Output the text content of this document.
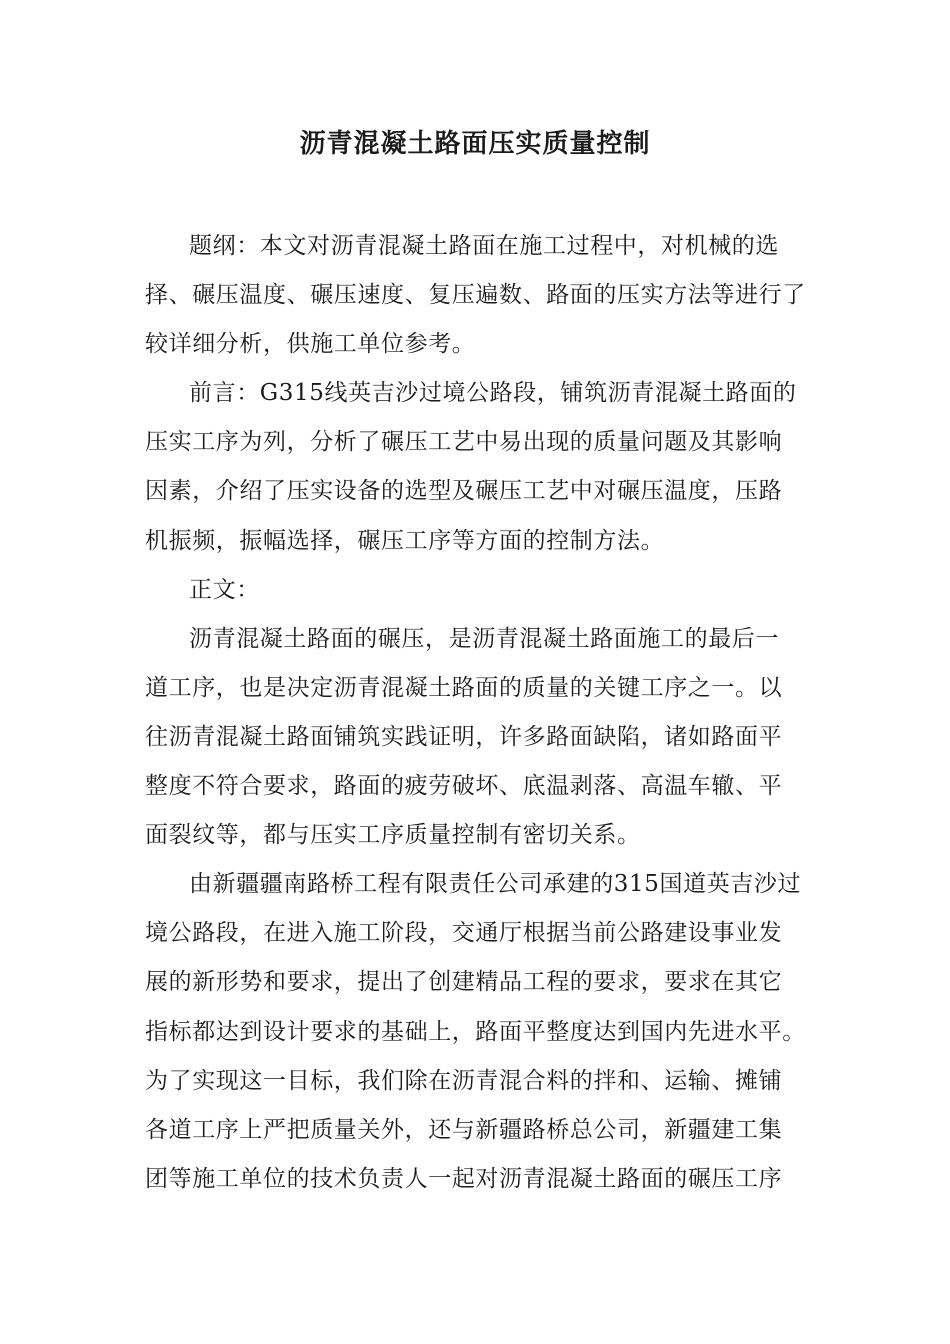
沥青混凝土路面压实质量控制
题纲：本文对沥青混凝土路面在施工过程中，对机械的选
择、碾压温度、碾压速度、复压遍数、路面的压实方法等进行了
较详细分析，供施工单位参考。
前言：G315线英吉沙过境公路段，铺筑沥青混凝土路面的
压实工序为列，分析了碾压工艺中易出现的质量问题及其影响
因素，介绍了压实设备的选型及碾压工艺中对碾压温度，压路
机振频，振幅选择，碾压工序等方面的控制方法。
正文：
沥青混凝土路面的碾压，是沥青混凝土路面施工的最后一
道工序，也是决定沥青混凝土路面的质量的关键工序之一。以
往沥青混凝土路面铺筑实践证明，许多路面缺陷，诸如路面平
整度不符合要求，路面的疲劳破坏、底温剥落、高温车辙、平
面裂纹等，都与压实工序质量控制有密切关系。
由新疆疆南路桥工程有限责任公司承建的315国道英吉沙过
境公路段，在进入施工阶段，交通厅根据当前公路建设事业发
展的新形势和要求，提出了创建精品工程的要求，要求在其它
指标都达到设计要求的基础上，路面平整度达到国内先进水平。
为了实现这一目标，我们除在沥青混合料的拌和、运输、摊铺
各道工序上严把质量关外，还与新疆路桥总公司，新疆建工集
团等施工单位的技术负责人一起对沥青混凝土路面的碾压工序
